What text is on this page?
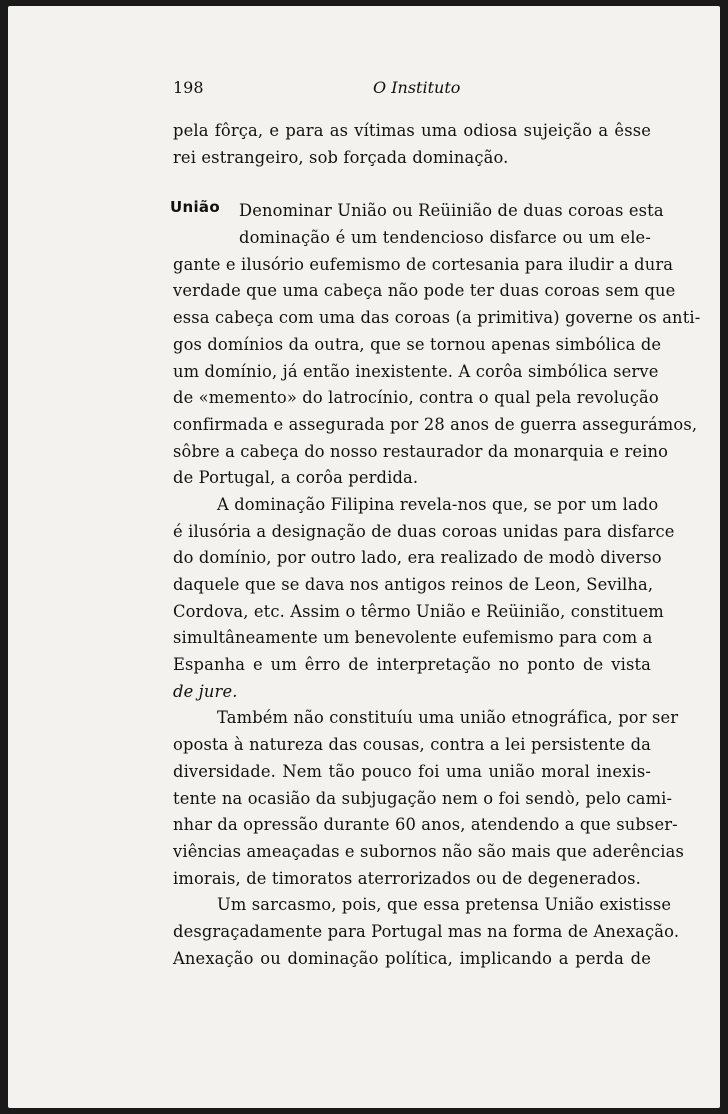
198	O Instituto
pela fôrça, e para as vítimas uma odiosa sujeição a êsse
rei estrangeiro, sob forçada dominação.
União	Denominar União ou Reüinião de duas coroas esta
dominação é um tendencioso disfarce ou um ele-
gante e ilusório eufemismo de cortesania para iludir a dura
verdade que uma cabeça não pode ter duas coroas sem que
essa cabeça com uma das coroas (a primitiva) governe os anti-
gos domínios da outra, que se tornou apenas simbólica de
um domínio, já então inexistente. A corôa simbólica serve
de «memento» do latrocínio, contra o qual pela revolução
confirmada e assegurada por 28 anos de guerra assegurámos,
sôbre a cabeça do nosso restaurador da monarquia e reino
de Portugal, a corôa perdida.
A dominação Filipina revela-nos que, se por um lado
é ilusória a designação de duas coroas unidas para disfarce
do domínio, por outro lado, era realizado de modò diverso
daquele que se dava nos antigos reinos de Leon, Sevilha,
Cordova, etc. Assim o têrmo União e Reüinião, constituem
simultâneamente um benevolente eufemismo para com a
Espanha e um êrro de interpretação no ponto de vista
de jure.
Também não constituíu uma união etnográfica, por ser
oposta à natureza das cousas, contra a lei persistente da
diversidade. Nem tão pouco foi uma união moral inexis-
tente na ocasião da subjugação nem o foi sendò, pelo cami-
nhar da opressão durante 60 anos, atendendo a que subser-
viências ameaçadas e subornos não são mais que aderências
imorais, de timoratos aterrorizados ou de degenerados.
Um sarcasmo, pois, que essa pretensa União existisse
desgraçadamente para Portugal mas na forma de Anexação.
Anexação ou dominação política, implicando a perda de
